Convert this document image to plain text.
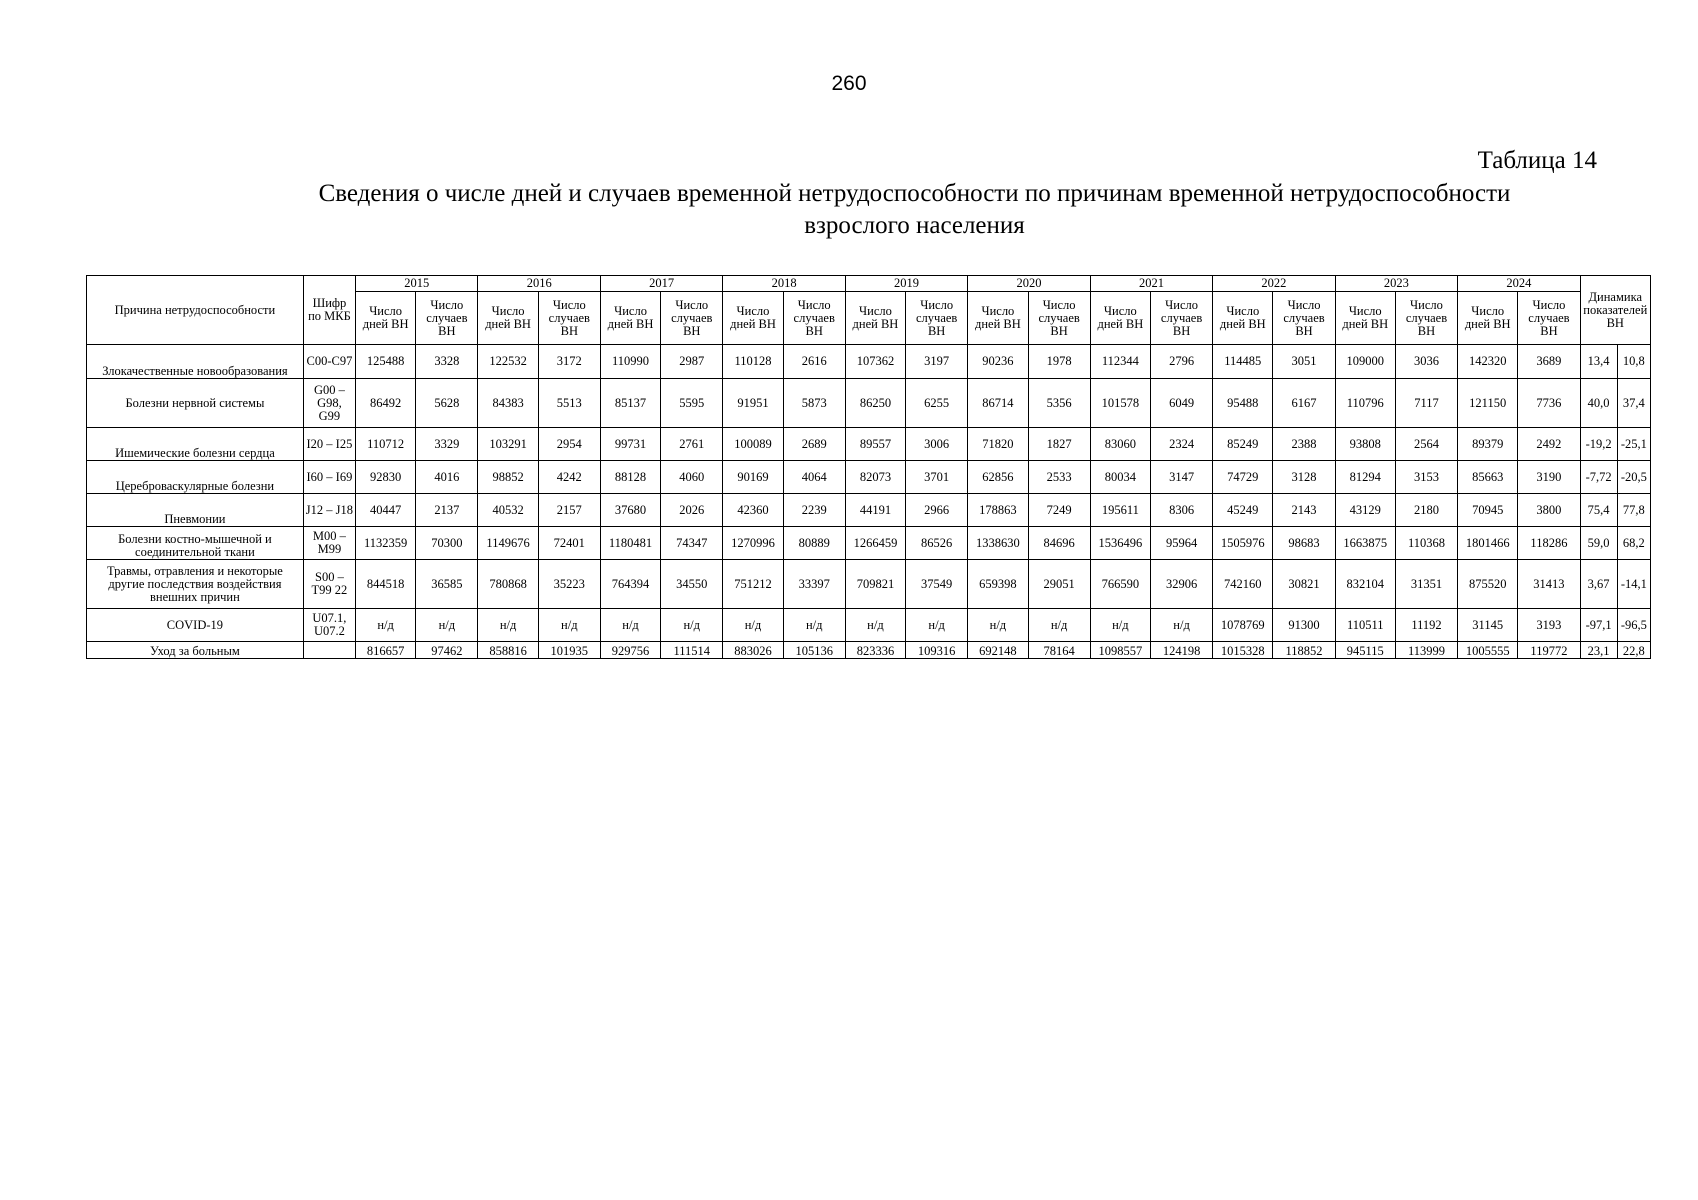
260
Таблица 14
Сведения о числе дней и случаев временной нетрудоспособности по причинам временной нетрудоспособности
взрослого населения
Причина нетрудоспособности	Шифр по МКБ	2015		2016		2017		2018		2019		2020		2021		2022		2023		2024		Динамика показателей ВН	
		Число дней ВН	Число случаев ВН	Число дней ВН	Число случаев ВН	Число дней ВН	Число случаев ВН	Число дней ВН	Число случаев ВН	Число дней ВН	Число случаев ВН	Число дней ВН	Число случаев ВН	Число дней ВН	Число случаев ВН	Число дней ВН	Число случаев ВН	Число дней ВН	Число случаев ВН	Число дней ВН	Число случаев ВН		
Злокачественные новообразования	C00-C97	125488	3328	122532	3172	110990	2987	110128	2616	107362	3197	90236	1978	112344	2796	114485	3051	109000	3036	142320	3689	13,4	10,8
Болезни нервной системы	G00 – G98, G99	86492	5628	84383	5513	85137	5595	91951	5873	86250	6255	86714	5356	101578	6049	95488	6167	110796	7117	121150	7736	40,0	37,4
Ишемические болезни сердца	I20 – I25	110712	3329	103291	2954	99731	2761	100089	2689	89557	3006	71820	1827	83060	2324	85249	2388	93808	2564	89379	2492	-19,2	-25,1
Цереброваскулярные болезни	I60 – I69	92830	4016	98852	4242	88128	4060	90169	4064	82073	3701	62856	2533	80034	3147	74729	3128	81294	3153	85663	3190	-7,72	-20,5
Пневмонии	J12 – J18	40447	2137	40532	2157	37680	2026	42360	2239	44191	2966	178863	7249	195611	8306	45249	2143	43129	2180	70945	3800	75,4	77,8
Болезни костно-мышечной и соединительной ткани	M00 – M99	1132359	70300	1149676	72401	1180481	74347	1270996	80889	1266459	86526	1338630	84696	1536496	95964	1505976	98683	1663875	110368	1801466	118286	59,0	68,2
Травмы, отравления и некоторые другие последствия воздействия внешних причин	S00 – T99 22	844518	36585	780868	35223	764394	34550	751212	33397	709821	37549	659398	29051	766590	32906	742160	30821	832104	31351	875520	31413	3,67	-14,1
COVID-19	U07.1, U07.2	н/д	н/д	н/д	н/д	н/д	н/д	н/д	н/д	н/д	н/д	н/д	н/д	н/д	н/д	1078769	91300	110511	11192	31145	3193	-97,1	-96,5
Уход за больным		816657	97462	858816	101935	929756	111514	883026	105136	823336	109316	692148	78164	1098557	124198	1015328	118852	945115	113999	1005555	119772	23,1	22,8
